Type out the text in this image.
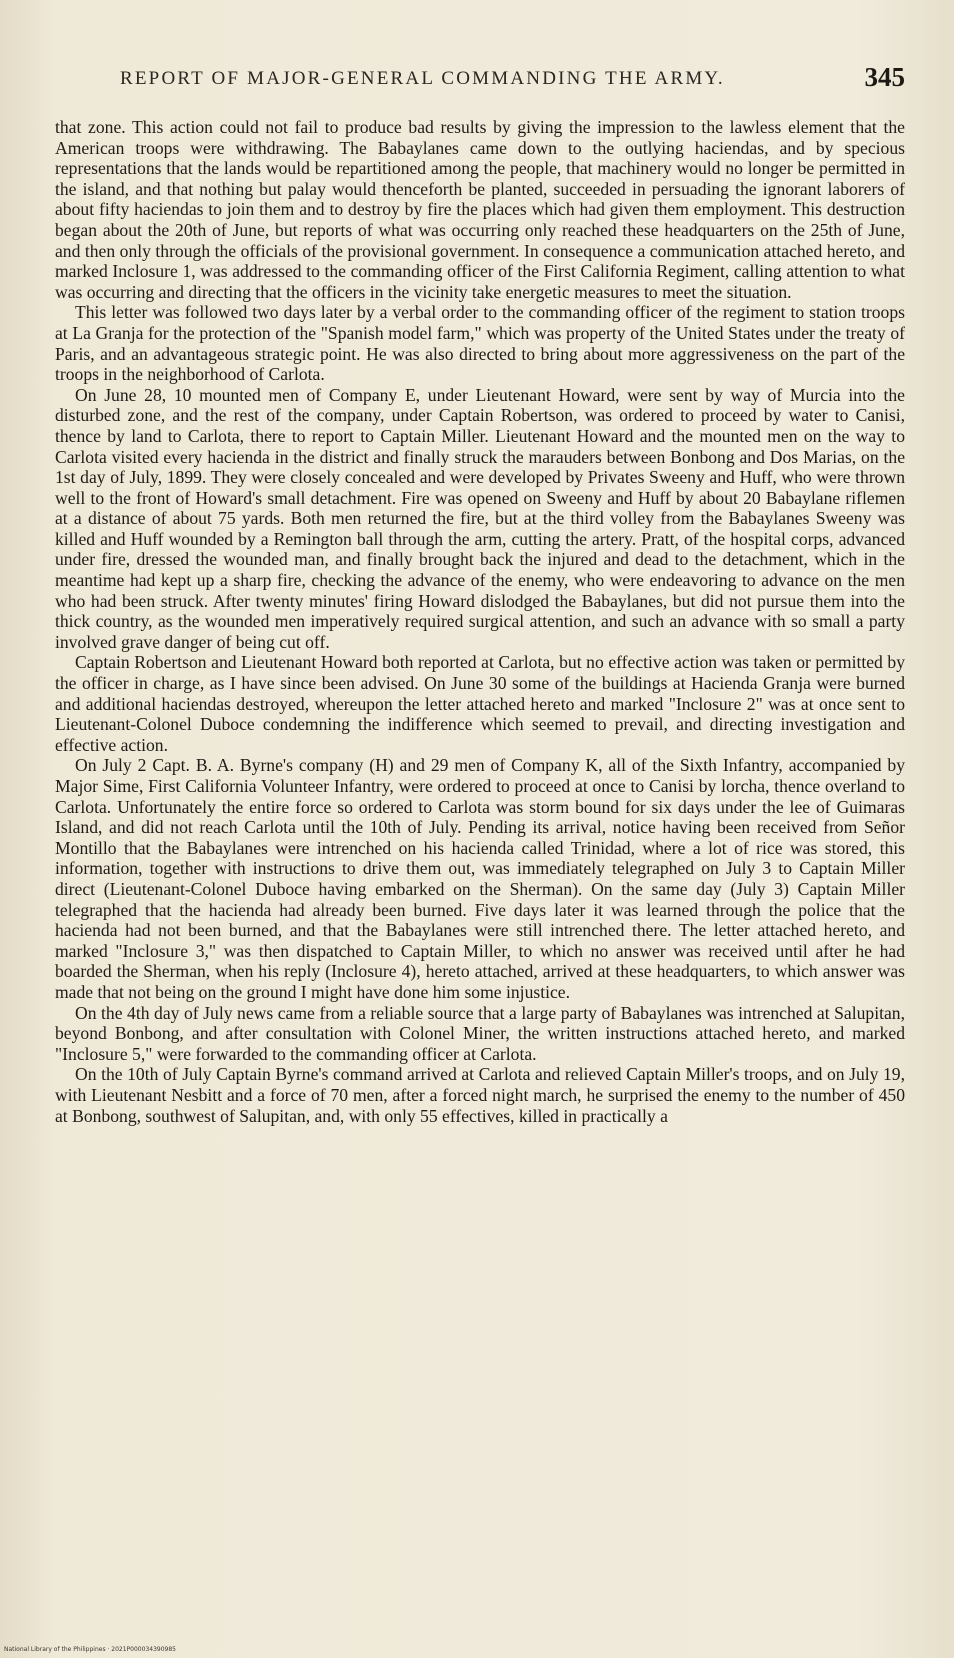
REPORT OF MAJOR-GENERAL COMMANDING THE ARMY.	345

that zone. This action could not fail to produce bad results by giving the impression to the lawless element that the American troops were withdrawing. The Babaylanes came down to the outlying haciendas, and by specious representations that the lands would be repartitioned among the people, that machinery would no longer be permitted in the island, and that nothing but palay would thenceforth be planted, succeeded in persuading the ignorant laborers of about fifty haciendas to join them and to destroy by fire the places which had given them employment. This destruction began about the 20th of June, but reports of what was occurring only reached these headquarters on the 25th of June, and then only through the officials of the provisional government. In consequence a communication attached hereto, and marked Inclosure 1, was addressed to the commanding officer of the First California Regiment, calling attention to what was occurring and directing that the officers in the vicinity take energetic measures to meet the situation.

This letter was followed two days later by a verbal order to the commanding officer of the regiment to station troops at La Granja for the protection of the "Spanish model farm," which was property of the United States under the treaty of Paris, and an advantageous strategic point. He was also directed to bring about more aggressiveness on the part of the troops in the neighborhood of Carlota.

On June 28, 10 mounted men of Company E, under Lieutenant Howard, were sent by way of Murcia into the disturbed zone, and the rest of the company, under Captain Robertson, was ordered to proceed by water to Canisi, thence by land to Carlota, there to report to Captain Miller. Lieutenant Howard and the mounted men on the way to Carlota visited every hacienda in the district and finally struck the marauders between Bonbong and Dos Marias, on the 1st day of July, 1899. They were closely concealed and were developed by Privates Sweeny and Huff, who were thrown well to the front of Howard's small detachment. Fire was opened on Sweeny and Huff by about 20 Babaylane riflemen at a distance of about 75 yards. Both men returned the fire, but at the third volley from the Babaylanes Sweeny was killed and Huff wounded by a Remington ball through the arm, cutting the artery. Pratt, of the hospital corps, advanced under fire, dressed the wounded man, and finally brought back the injured and dead to the detachment, which in the meantime had kept up a sharp fire, checking the advance of the enemy, who were endeavoring to advance on the men who had been struck. After twenty minutes' firing Howard dislodged the Babaylanes, but did not pursue them into the thick country, as the wounded men imperatively required surgical attention, and such an advance with so small a party involved grave danger of being cut off.

Captain Robertson and Lieutenant Howard both reported at Carlota, but no effective action was taken or permitted by the officer in charge, as I have since been advised. On June 30 some of the buildings at Hacienda Granja were burned and additional haciendas destroyed, whereupon the letter attached hereto and marked "Inclosure 2" was at once sent to Lieutenant-Colonel Duboce condemning the indifference which seemed to prevail, and directing investigation and effective action.

On July 2 Capt. B. A. Byrne's company (H) and 29 men of Company K, all of the Sixth Infantry, accompanied by Major Sime, First California Volunteer Infantry, were ordered to proceed at once to Canisi by lorcha, thence overland to Carlota. Unfortunately the entire force so ordered to Carlota was storm bound for six days under the lee of Guimaras Island, and did not reach Carlota until the 10th of July. Pending its arrival, notice having been received from Señor Montillo that the Babaylanes were intrenched on his hacienda called Trinidad, where a lot of rice was stored, this information, together with instructions to drive them out, was immediately telegraphed on July 3 to Captain Miller direct (Lieutenant-Colonel Duboce having embarked on the Sherman). On the same day (July 3) Captain Miller telegraphed that the hacienda had already been burned. Five days later it was learned through the police that the hacienda had not been burned, and that the Babaylanes were still intrenched there. The letter attached hereto, and marked "Inclosure 3," was then dispatched to Captain Miller, to which no answer was received until after he had boarded the Sherman, when his reply (Inclosure 4), hereto attached, arrived at these headquarters, to which answer was made that not being on the ground I might have done him some injustice.

On the 4th day of July news came from a reliable source that a large party of Babaylanes was intrenched at Salupitan, beyond Bonbong, and after consultation with Colonel Miner, the written instructions attached hereto, and marked "Inclosure 5," were forwarded to the commanding officer at Carlota.

On the 10th of July Captain Byrne's command arrived at Carlota and relieved Captain Miller's troops, and on July 19, with Lieutenant Nesbitt and a force of 70 men, after a forced night march, he surprised the enemy to the number of 450 at Bonbong, southwest of Salupitan, and, with only 55 effectives, killed in practically a

National Library of the Philippines · 2021P000034390985
